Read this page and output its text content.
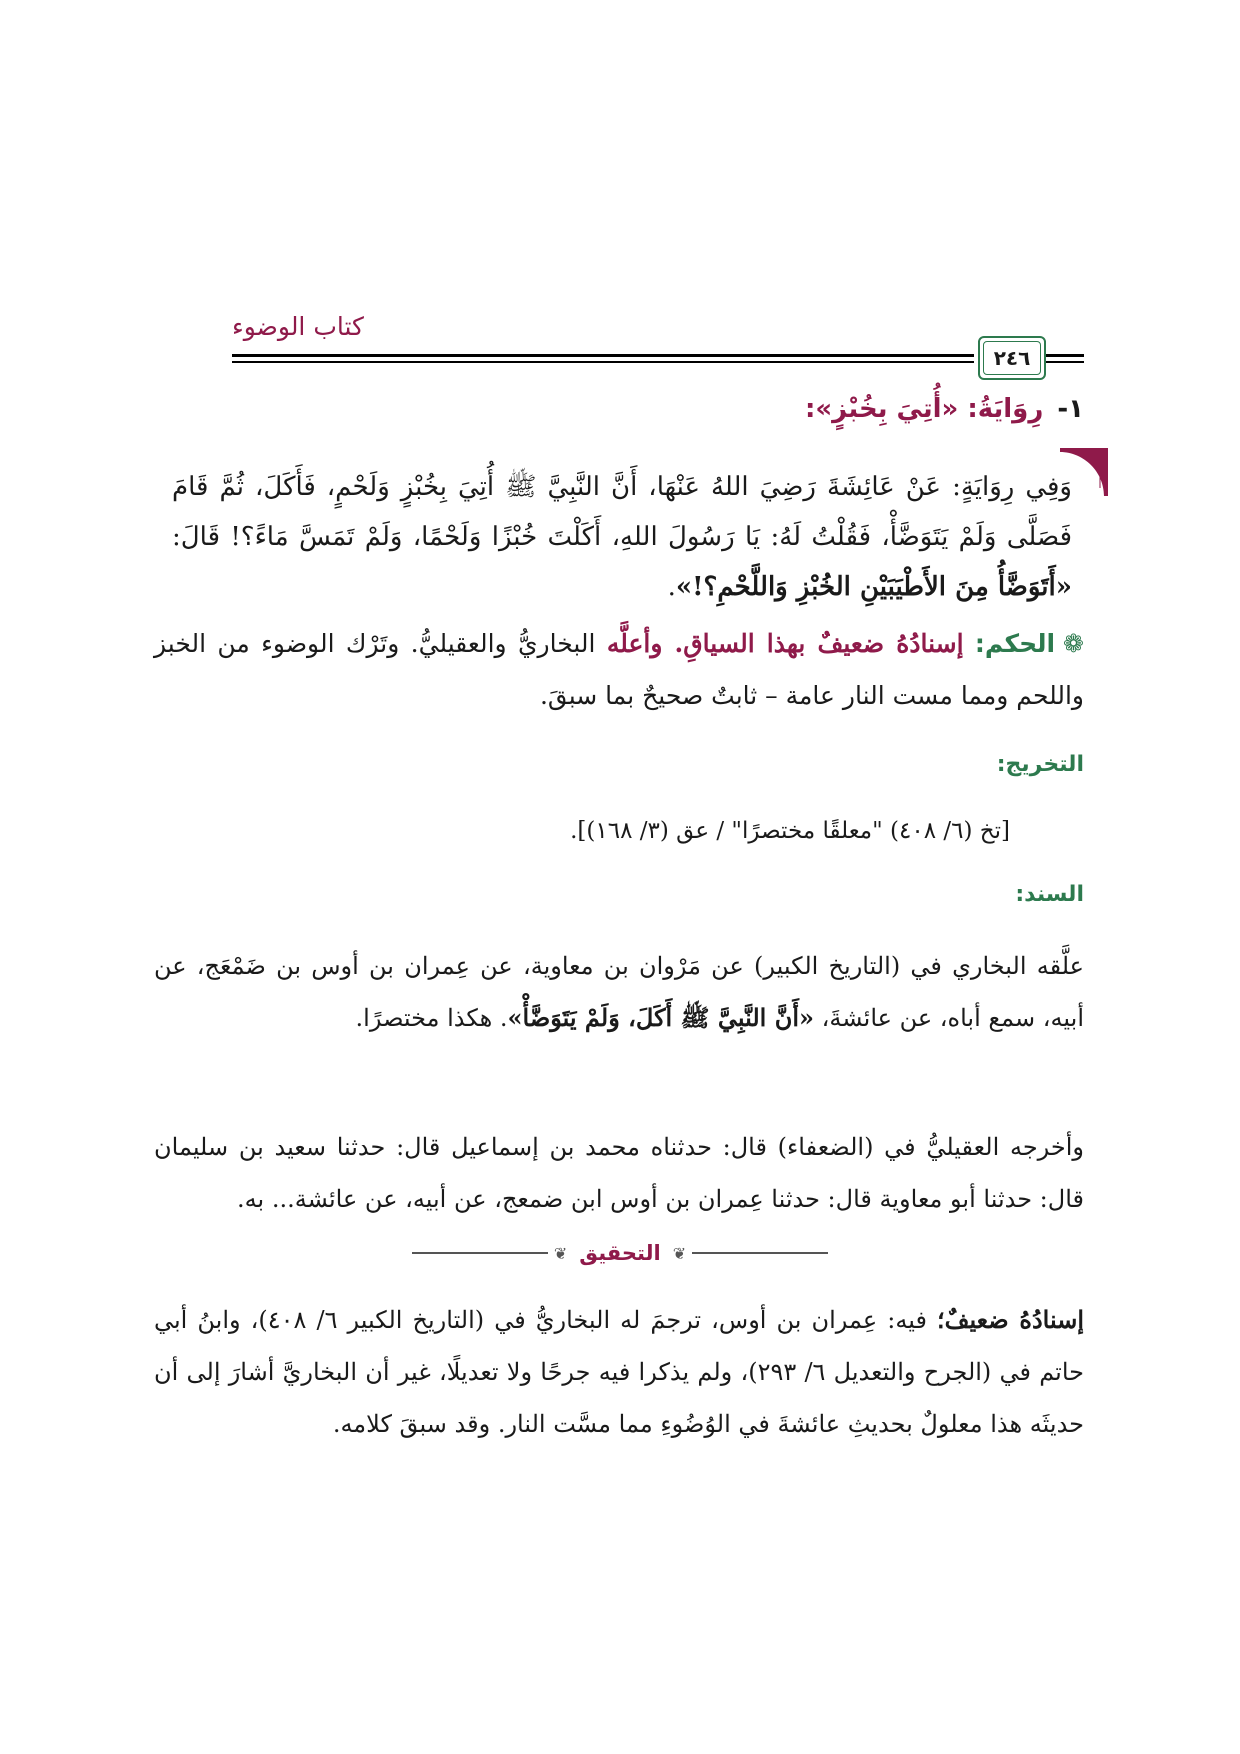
كتاب الوضوء
٢٤٦
١-رِوَايَةُ: «أُتِيَ بِخُبْزٍ»:
وَفِي رِوَايَةٍ: عَنْ عَائِشَةَ رَضِيَ اللهُ عَنْهَا، أَنَّ النَّبِيَّ ﷺ أُتِيَ بِخُبْزٍ وَلَحْمٍ، فَأَكَلَ، ثُمَّ قَامَ فَصَلَّى وَلَمْ يَتَوَضَّأْ، فَقُلْتُ لَهُ: يَا رَسُولَ اللهِ، أَكَلْتَ خُبْزًا وَلَحْمًا، وَلَمْ تَمَسَّ مَاءً؟! قَالَ: «أَتَوَضَّأُ مِنَ الأَطْيَبَيْنِ الخُبْزِ وَاللَّحْمِ؟!».
❁الحكم: إسنادُهُ ضعيفٌ بهذا السياقِ. وأعلَّه البخاريُّ والعقيليُّ. وتَرْك الوضوء من الخبز واللحم ومما مست النار عامة – ثابتٌ صحيحٌ بما سبقَ.
التخريج:
[تخ (٦/ ٤٠٨) "معلقًا مختصرًا" / عق (٣/ ١٦٨)].
السند:
علَّقه البخاري في (التاريخ الكبير) عن مَرْوان بن معاوية، عن عِمران بن أوس بن ضَمْعَج، عن أبيه، سمع أباه، عن عائشةَ، «أَنَّ النَّبِيَّ ﷺ أَكَلَ، وَلَمْ يَتَوَضَّأْ». هكذا مختصرًا.
وأخرجه العقيليُّ في (الضعفاء) قال: حدثناه محمد بن إسماعيل قال: حدثنا سعيد بن سليمان قال: حدثنا أبو معاوية قال: حدثنا عِمران بن أوس ابن ضمعج، عن أبيه، عن عائشة... به.
❦
التحقيق
❦
إسنادُهُ ضعيفٌ؛ فيه: عِمران بن أوس، ترجمَ له البخاريُّ في (التاريخ الكبير ٦/ ٤٠٨)، وابنُ أبي حاتم في (الجرح والتعديل ٦/ ٢٩٣)، ولم يذكرا فيه جرحًا ولا تعديلًا، غير أن البخاريَّ أشارَ إلى أن حديثَه هذا معلولٌ بحديثِ عائشةَ في الوُضُوءِ مما مسَّت النار. وقد سبقَ كلامه.
